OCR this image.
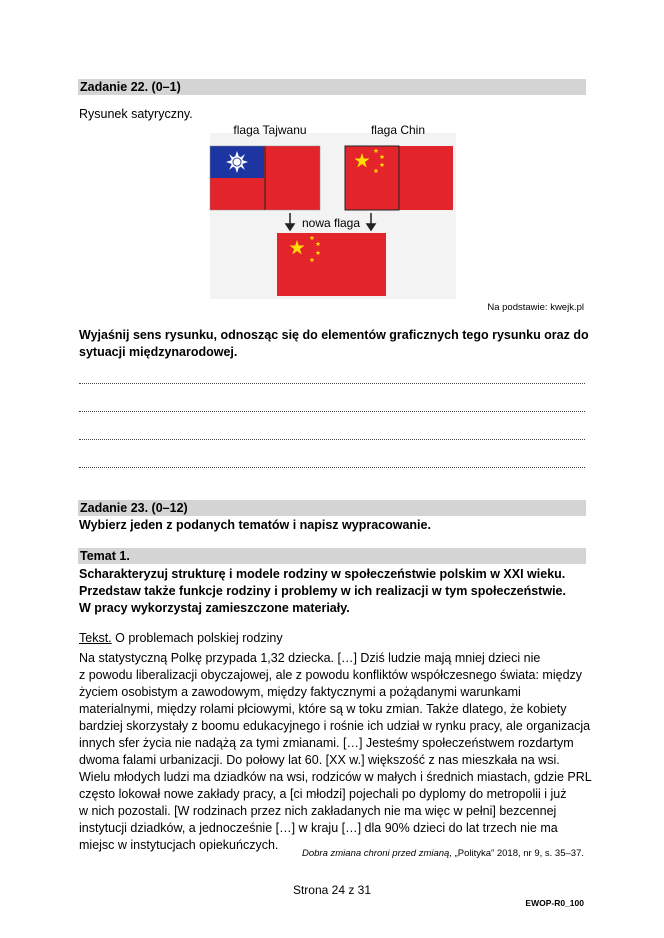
Zadanie 22. (0–1)
Rysunek satyryczny.
flaga Tajwanu	flaga Chin
nowa flaga
Na podstawie: kwejk.pl
Wyjaśnij sens rysunku, odnosząc się do elementów graficznych tego rysunku oraz do
sytuacji międzynarodowej.
Zadanie 23. (0–12)
Wybierz jeden z podanych tematów i napisz wypracowanie.
Temat 1.
Scharakteryzuj strukturę i modele rodziny w społeczeństwie polskim w XXI wieku.
Przedstaw także funkcje rodziny i problemy w ich realizacji w tym społeczeństwie.
W pracy wykorzystaj zamieszczone materiały.
Tekst. O problemach polskiej rodziny
Na statystyczną Polkę przypada 1,32 dziecka. […] Dziś ludzie mają mniej dzieci nie
z powodu liberalizacji obyczajowej, ale z powodu konfliktów współczesnego świata: między
życiem osobistym a zawodowym, między faktycznymi a pożądanymi warunkami
materialnymi, między rolami płciowymi, które są w toku zmian. Także dlatego, że kobiety
bardziej skorzystały z boomu edukacyjnego i rośnie ich udział w rynku pracy, ale organizacja
innych sfer życia nie nadążą za tymi zmianami. […] Jesteśmy społeczeństwem rozdartym
dwoma falami urbanizacji. Do połowy lat 60. [XX w.] większość z nas mieszkała na wsi.
Wielu młodych ludzi ma dziadków na wsi, rodziców w małych i średnich miastach, gdzie PRL
często lokował nowe zakłady pracy, a [ci młodzi] pojechali po dyplomy do metropolii i już
w nich pozostali. [W rodzinach przez nich zakładanych nie ma więc w pełni] bezcennej
instytucji dziadków, a jednocześnie […] w kraju […] dla 90% dzieci do lat trzech nie ma
miejsc w instytucjach opiekuńczych.
Dobra zmiana chroni przed zmianą, „Polityka” 2018, nr 9, s. 35–37.
Strona 24 z 31
EWOP-R0_100
